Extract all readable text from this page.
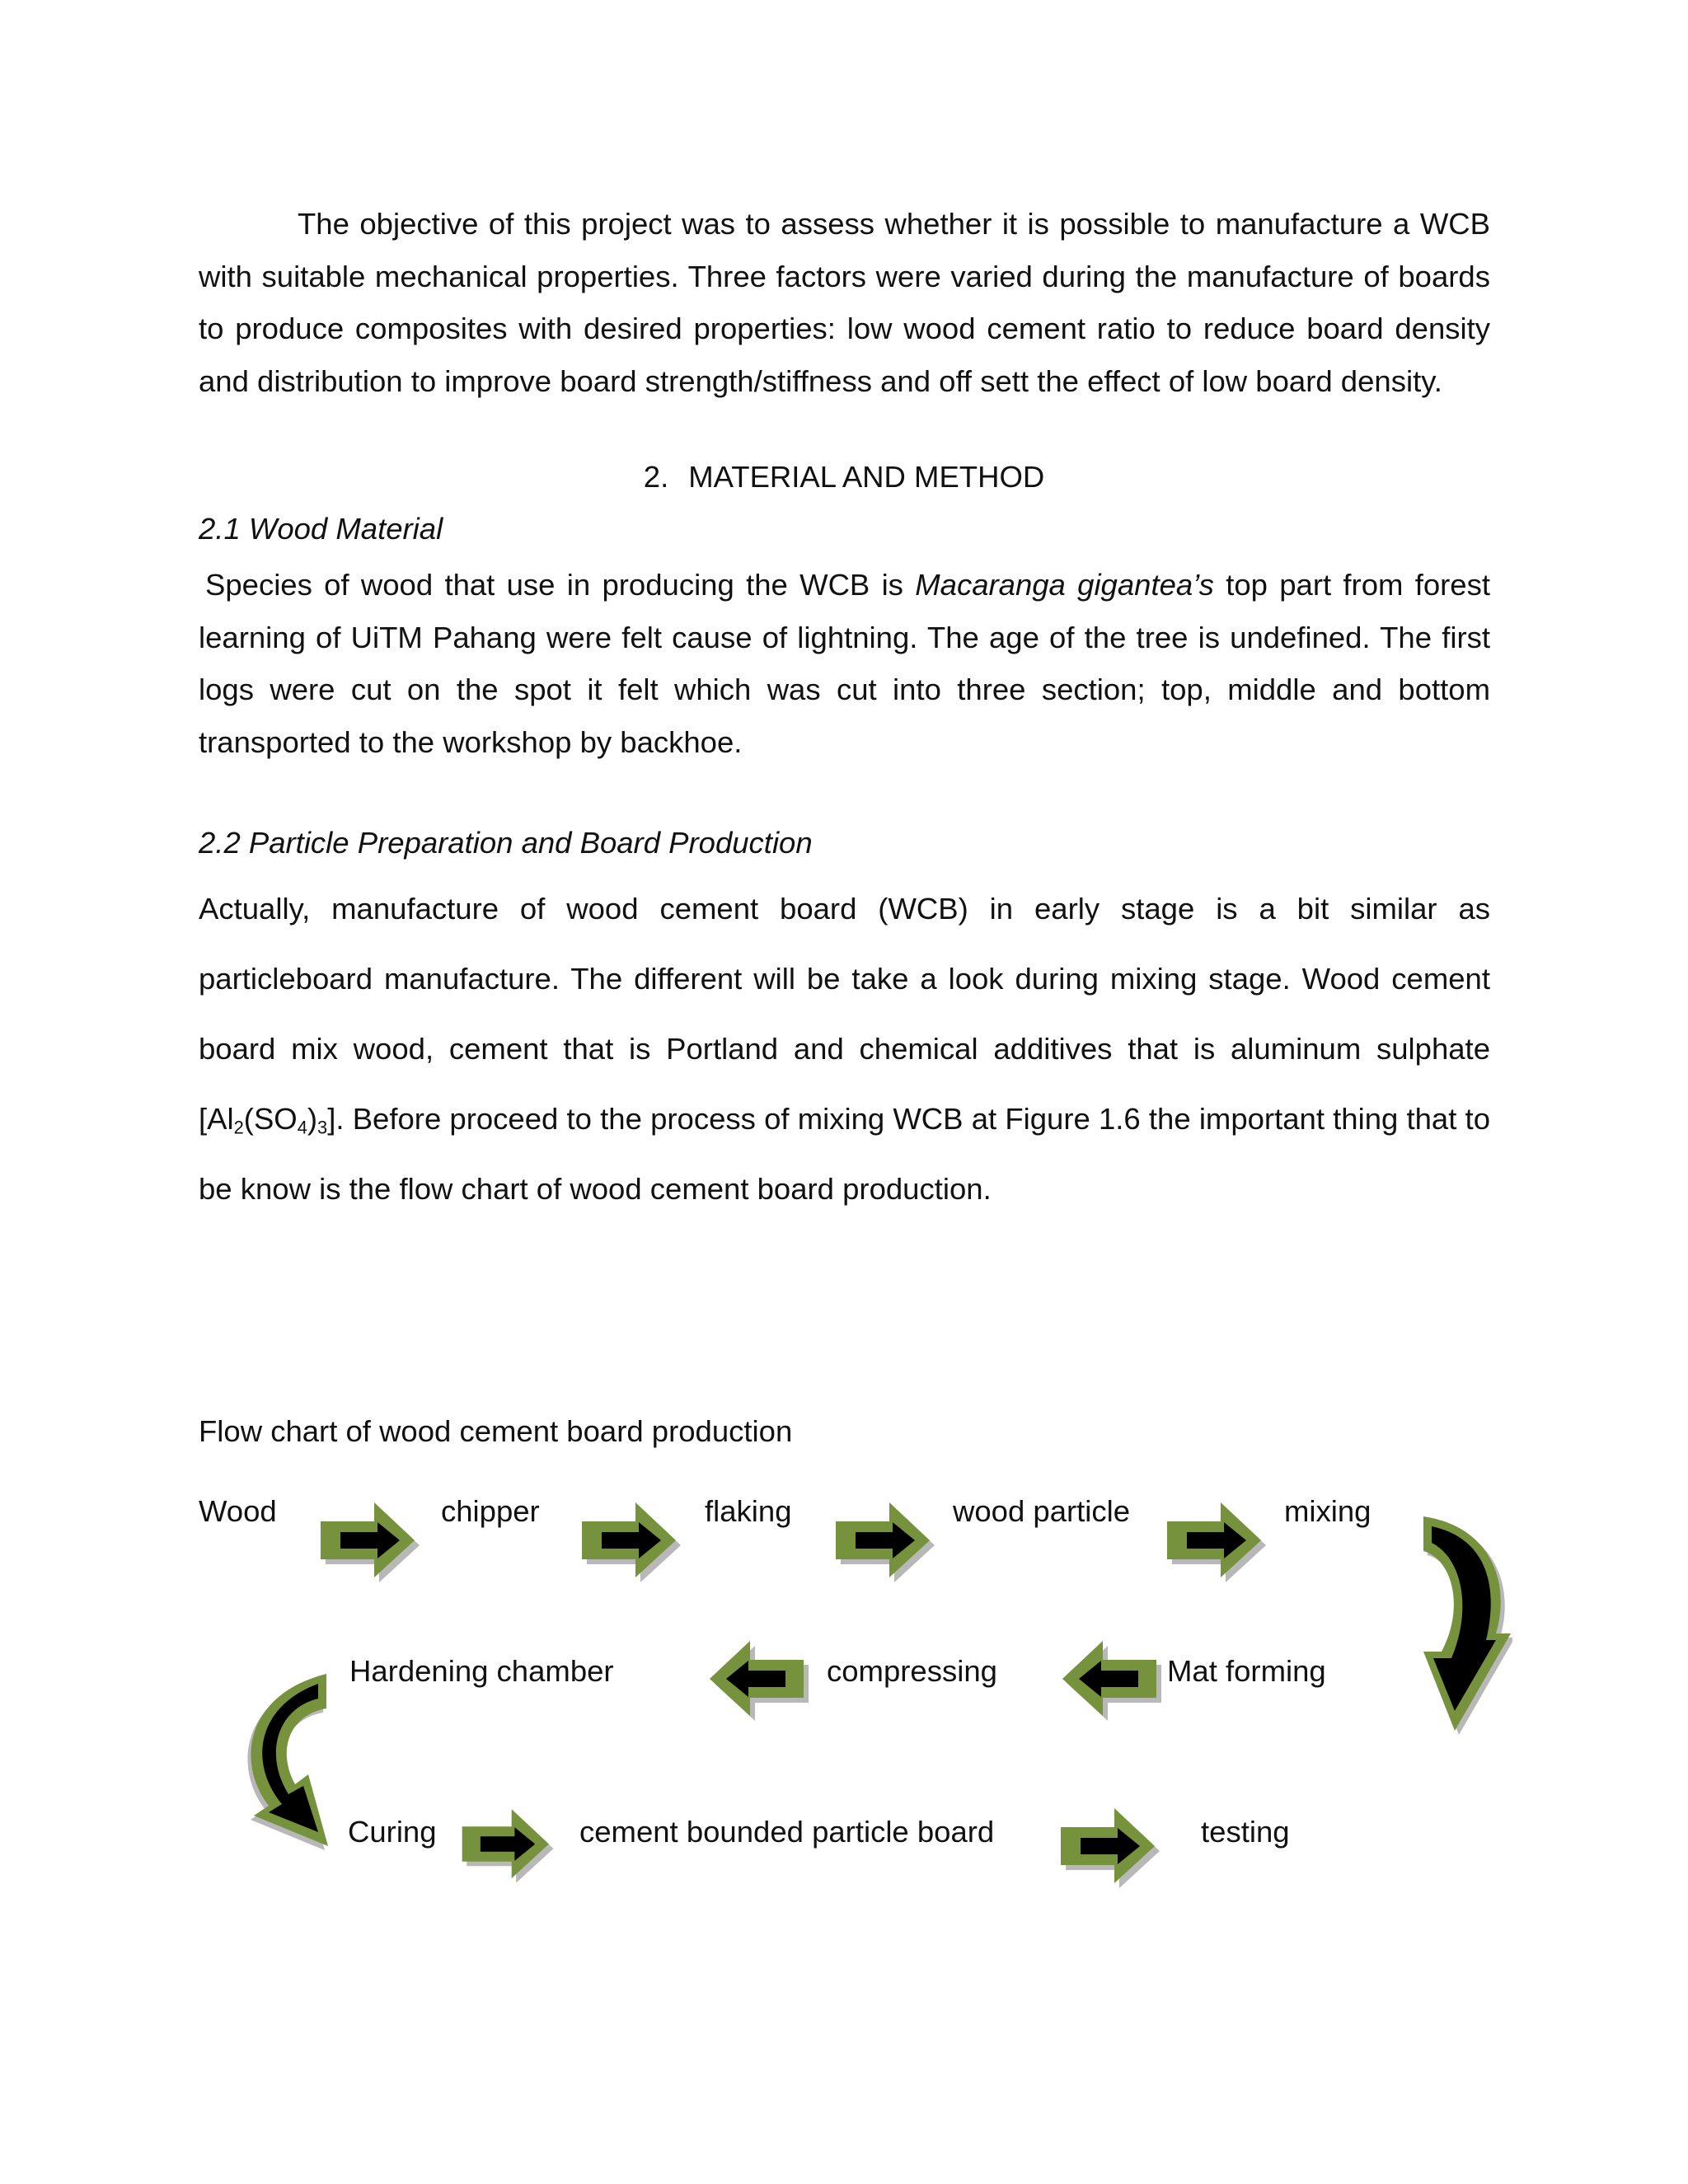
The objective of this project was to assess whether it is possible to manufacture a WCB with suitable mechanical properties. Three factors were varied during the manufacture of boards to produce composites with desired properties: low wood cement ratio to reduce board density and distribution to improve board strength/stiffness and off sett the effect of low board density.

2. MATERIAL AND METHOD
2.1 Wood Material

Species of wood that use in producing the WCB is Macaranga gigantea’s top part from forest learning of UiTM Pahang were felt cause of lightning. The age of the tree is undefined. The first logs were cut on the spot it felt which was cut into three section; top, middle and bottom transported to the workshop by backhoe.

2.2 Particle Preparation and Board Production

Actually, manufacture of wood cement board (WCB) in early stage is a bit similar as particleboard manufacture. The different will be take a look during mixing stage. Wood cement board mix wood, cement that is Portland and chemical additives that is aluminum sulphate $[Al_2(SO_4)_3]$. Before proceed to the process of mixing WCB at Figure 1.6 the important thing that to be know is the flow chart of wood cement board production.

Flow chart of wood cement board production
Wood	chipper	flaking	wood particle	mixing
Mat forming
compressing
Hardening chamber
Curing	cement bounded particle board	testing
